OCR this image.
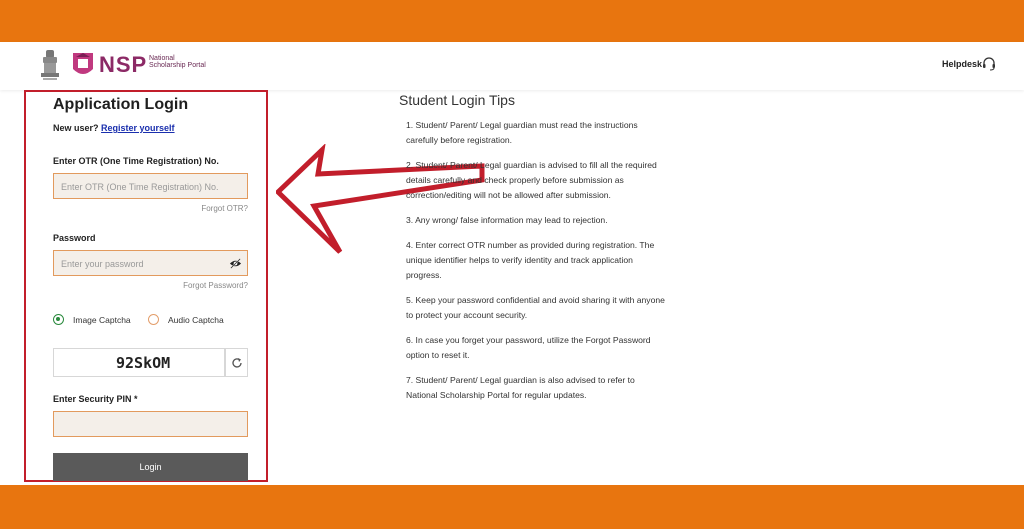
NSP National Scholarship Portal	Helpdesk
Application Login
New user? Register yourself
Enter OTR (One Time Registration) No.
Enter OTR (One Time Registration) No.
Forgot OTR?
Password
Enter your password
Forgot Password?
Image Captcha	Audio Captcha
92SkOM
Enter Security PIN *
Login
Student Login Tips
1. Student/ Parent/ Legal guardian must read the instructions carefully before registration.
2. Student/ Parent/ Legal guardian is advised to fill all the required details carefully and check properly before submission as correction/editing will not be allowed after submission.
3. Any wrong/ false information may lead to rejection.
4. Enter correct OTR number as provided during registration. The unique identifier helps to verify identity and track application progress.
5. Keep your password confidential and avoid sharing it with anyone to protect your account security.
6. In case you forget your password, utilize the Forgot Password option to reset it.
7. Student/ Parent/ Legal guardian is also advised to refer to National Scholarship Portal for regular updates.
